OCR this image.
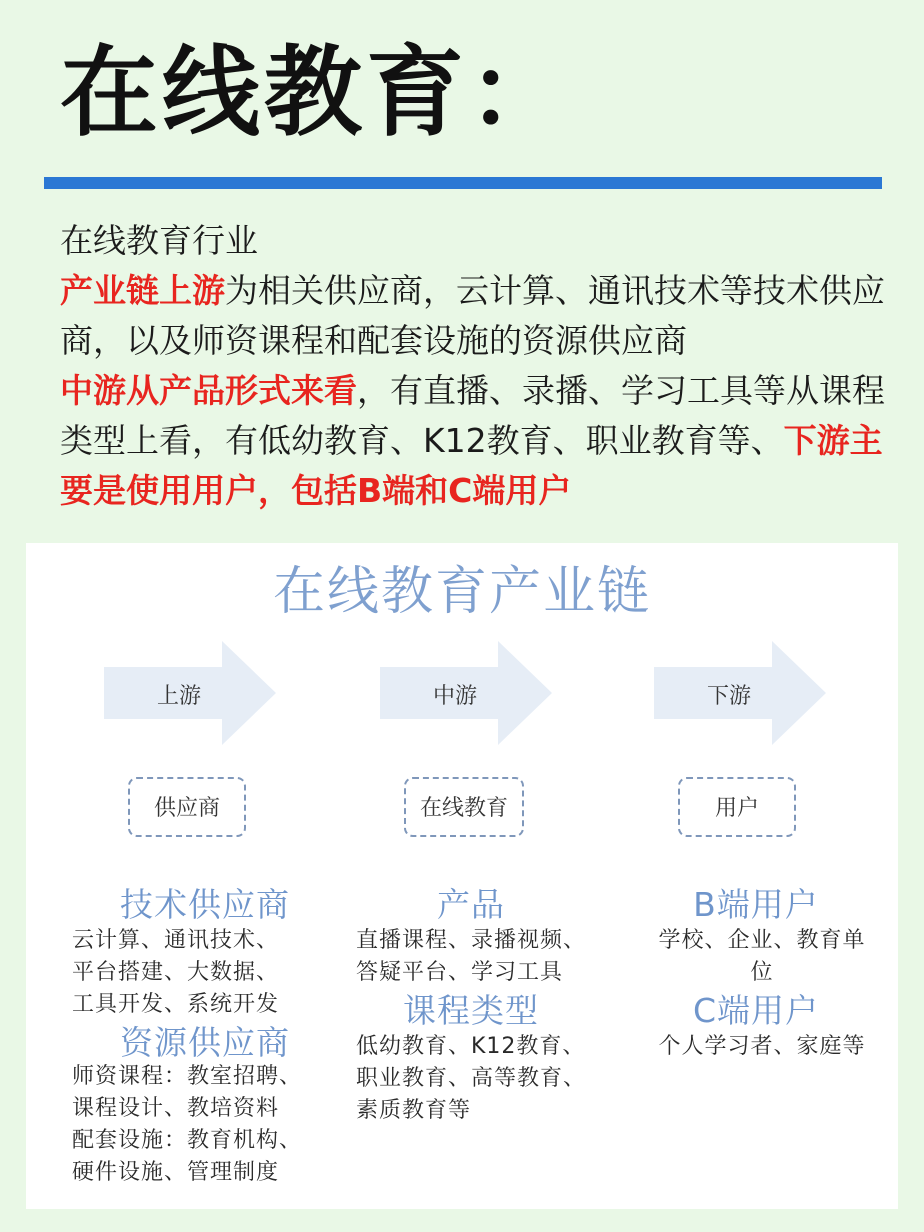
在线教育：

在线教育行业

产业链上游为相关供应商，云计算、通讯技术等技术供应商，以及师资课程和配套设施的资源供应商

中游从产品形式来看，有直播、录播、学习工具等从课程类型上看，有低幼教育、K12教育、职业教育等、下游主要是使用用户，包括B端和C端用户

在线教育产业链
上游
供应商
技术供应商
云计算、通讯技术、
平台搭建、大数据、
工具开发、系统开发
资源供应商
师资课程：教室招聘、
课程设计、教培资料
配套设施：教育机构、
硬件设施、管理制度
中游
在线教育
产品
直播课程、录播视频、
答疑平台、学习工具
课程类型
低幼教育、K12教育、
职业教育、高等教育、
素质教育等
下游
用户
B端用户
学校、企业、教育单
位
C端用户
个人学习者、家庭等
